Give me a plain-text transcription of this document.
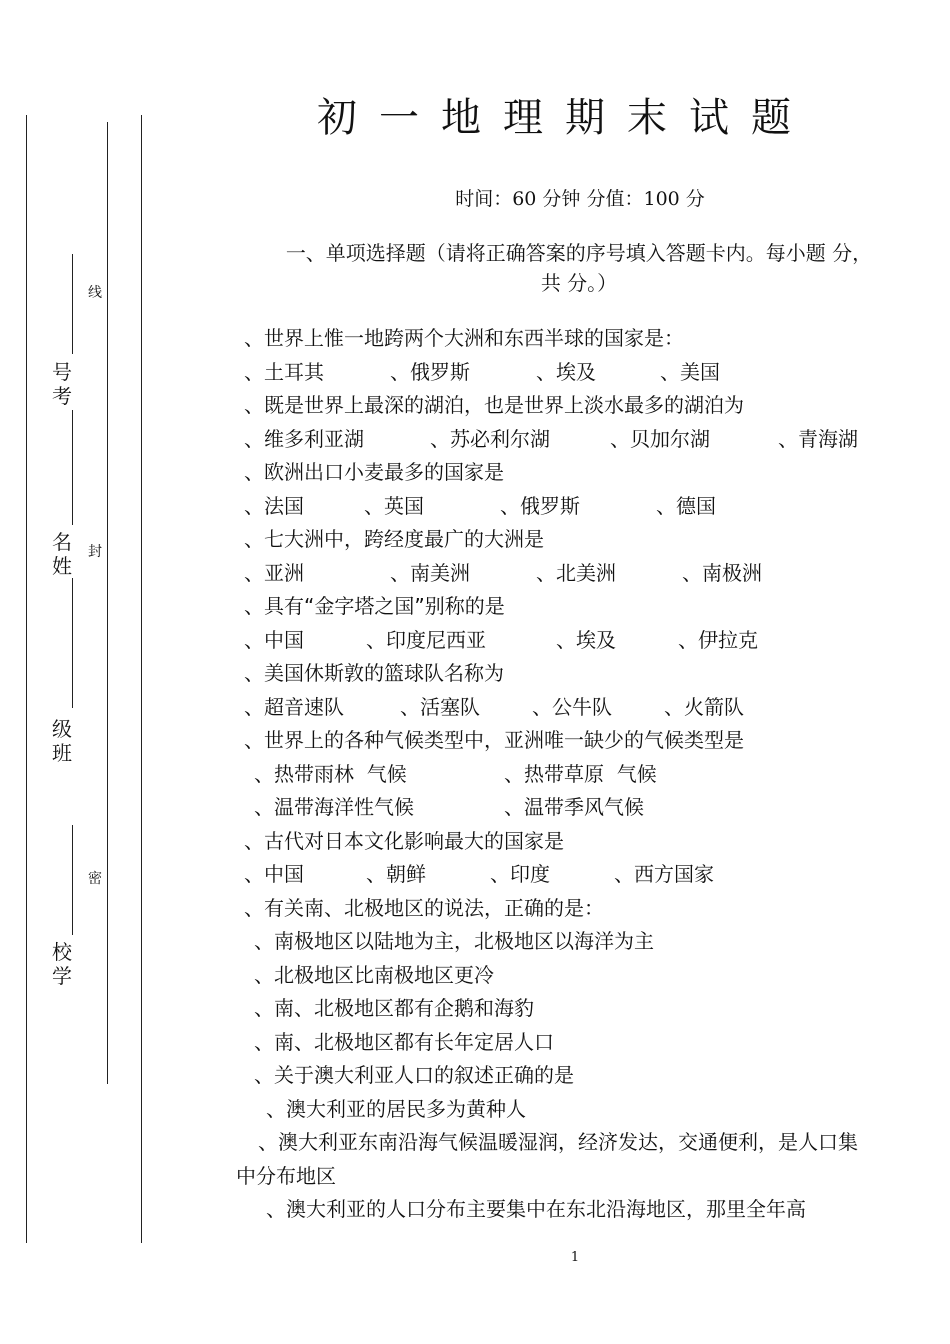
线
封
密
号考
名姓
级班
校学
初一地理期末试题
时间：60 分钟 分值：100 分
一、单项选择题（请将正确答案的序号填入答题卡内。每小题 分，共 分。）
、世界上惟一地跨两个大洲和东西半球的国家是：
、土耳其	、俄罗斯	、埃及	、美国
、既是世界上最深的湖泊，也是世界上淡水最多的湖泊为
、维多利亚湖	、苏必利尔湖	、贝加尔湖	、青海湖
、欧洲出口小麦最多的国家是
、法国	、英国	、俄罗斯	、德国
、七大洲中，跨经度最广的大洲是
、亚洲	、南美洲	、北美洲	、南极洲
、具有“金字塔之国”别称的是
、中国	、印度尼西亚	、埃及	、伊拉克
、美国休斯敦的篮球队名称为
、超音速队	、活塞队	、公牛队	、火箭队
、世界上的各种气候类型中，亚洲唯一缺少的气候类型是
、热带雨林  气候	、热带草原  气候
、温带海洋性气候	、温带季风气候
、古代对日本文化影响最大的国家是
、中国	、朝鲜	、印度	、西方国家
、有关南、北极地区的说法，正确的是：
、南极地区以陆地为主，北极地区以海洋为主
、北极地区比南极地区更冷
、南、北极地区都有企鹅和海豹
、南、北极地区都有长年定居人口
、关于澳大利亚人口的叙述正确的是
、澳大利亚的居民多为黄种人
、澳大利亚东南沿海气候温暖湿润，经济发达，交通便利，是人口集中分布地区
、澳大利亚的人口分布主要集中在东北沿海地区，那里全年高
1
